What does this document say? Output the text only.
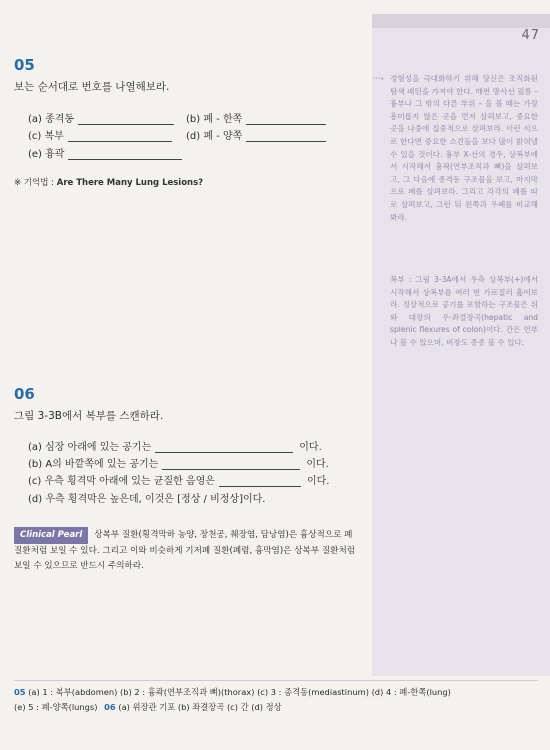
47
05
보는 순서대로 번호를 나열해보라.
(a) 종격동	(b) 폐 - 한쪽
(c) 복부	(d) 폐 - 양쪽
(e) 흉곽
※ 기억법 : Are There Many Lung Lesions?
···› 정형성을 극대화하기 위해 당신은 조직화된 탐색 패턴을 가져야 한다. 매번 방사선 필름 – 흉부나 그 밖의 다른 부위 – 을 볼 때는 가장 흥미롭지 않은 곳을 먼저 살펴보고, 중요한 곳을 나중에 집중적으로 살펴보라. 이런 식으로 한다면 중요한 소견들을 보다 많이 밝혀낼 수 있을 것이다. 흉부 X-선의 경우, 상복부에서 시작해서 흉곽(연부조직과 뼈)을 살펴보고, 그 다음에 종격동 구조물을 보고, 마지막으로 폐를 살펴보라. 그리고 각각의 폐를 따로 살펴보고, 그런 뒤 왼쪽과 우폐를 비교해봐라.
복부 : 그림 3-3A에서 우측 상복부(+)에서 시작해서 상복부를 여러 번 가로질러 훑어보라. 정상적으로 공기를 포함하는 구조물은 위와 대장의 우·좌결장곡(hepatic and splenic flexures of colon)이다. 간은 연부나 볼 수 있으며, 비장도 종종 볼 수 있다.
06
그림 3-3B에서 복부를 스캔하라.
(a) 심장 아래에 있는 공기는	이다.
(b) A의 바깥쪽에 있는 공기는	이다.
(c) 우측 횡격막 아래에 있는 균질한 음영은	이다.
(d) 우측 횡격막은 높은데, 이것은 [정상 / 비정상]이다.
Clinical Pearl 상복부 질환(횡격막하 농양, 장천공, 췌장염, 담낭염)은 흉상적으로 폐질환처럼 보일 수 있다. 그리고 이와 비슷하게 기저폐 질환(폐렴, 흉막염)은 상복부 질환처럼 보일 수 있으므로 반드시 주의하라.
05 (a) 1 : 복부(abdomen) (b) 2 : 흉곽(연부조직과 뼈)(thorax) (c) 3 : 종격동(mediastinum) (d) 4 : 폐-한쪽(lung)
(e) 5 : 폐-양쪽(lungs) 06 (a) 위장관 기포 (b) 좌결장곡 (c) 간 (d) 정상
